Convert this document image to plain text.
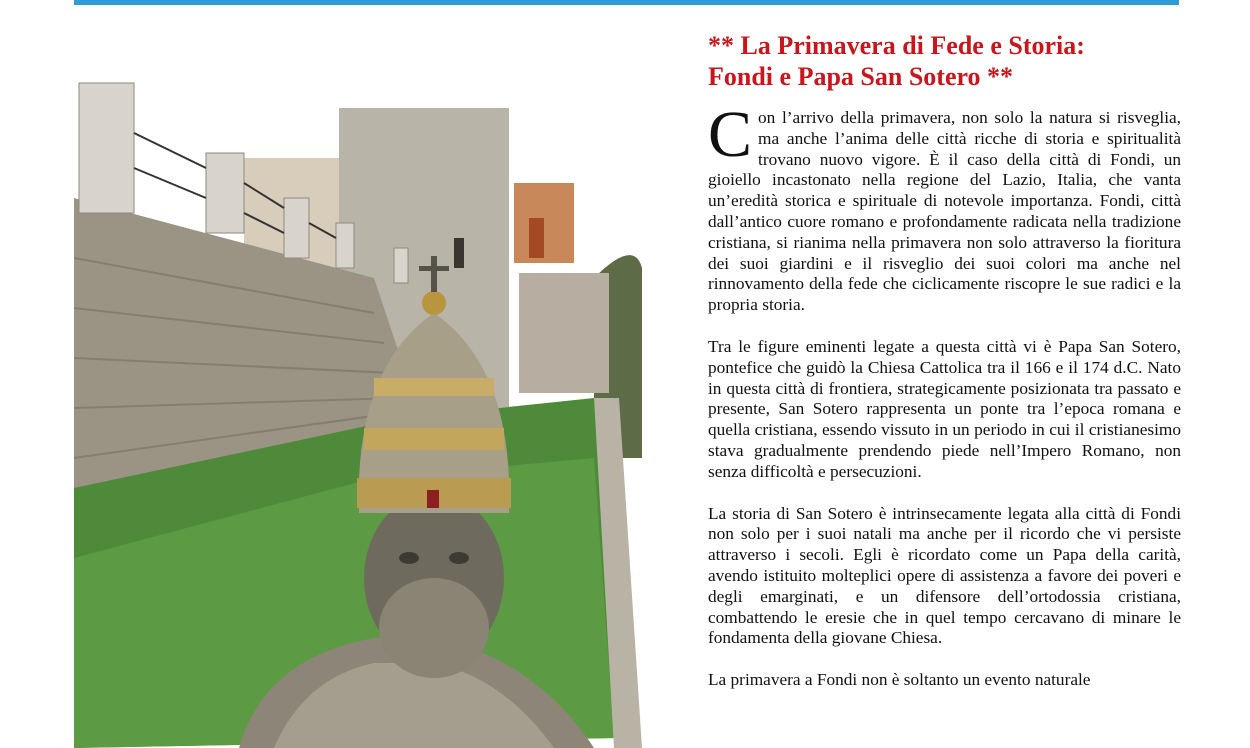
** La Primavera di Fede e Storia:
Fondi e Papa San Sotero **

Con l’arrivo della primavera, non solo la natura si risveglia, ma anche l’anima delle città ricche di storia e spiritualità trovano nuovo vigore. È il caso della città di Fondi, un gioiello incastonato nella regione del Lazio, Italia, che vanta un’eredità storica e spirituale di notevole importanza. Fondi, città dall’antico cuore romano e profondamente radicata nella tradizione cristiana, si rianima nella primavera non solo attraverso la fioritura dei suoi giardini e il risveglio dei suoi colori ma anche nel rinnovamento della fede che ciclicamente riscopre le sue radici e la propria storia.

Tra le figure eminenti legate a questa città vi è Papa San Sotero, pontefice che guidò la Chiesa Cattolica tra il 166 e il 174 d.C. Nato in questa città di frontiera, strategicamente posizionata tra passato e presente, San Sotero rappresenta un ponte tra l’epoca romana e quella cristiana, essendo vissuto in un periodo in cui il cristianesimo stava gradualmente prendendo piede nell’Impero Romano, non senza difficoltà e persecuzioni.

La storia di San Sotero è intrinsecamente legata alla città di Fondi non solo per i suoi natali ma anche per il ricordo che vi persiste attraverso i secoli. Egli è ricordato come un Papa della carità, avendo istituito molteplici opere di assistenza a favore dei poveri e degli emarginati, e un difensore dell’ortodossia cristiana, combattendo le eresie che in quel tempo cercavano di minare le fondamenta della giovane Chiesa.

La primavera a Fondi non è soltanto un evento naturale
